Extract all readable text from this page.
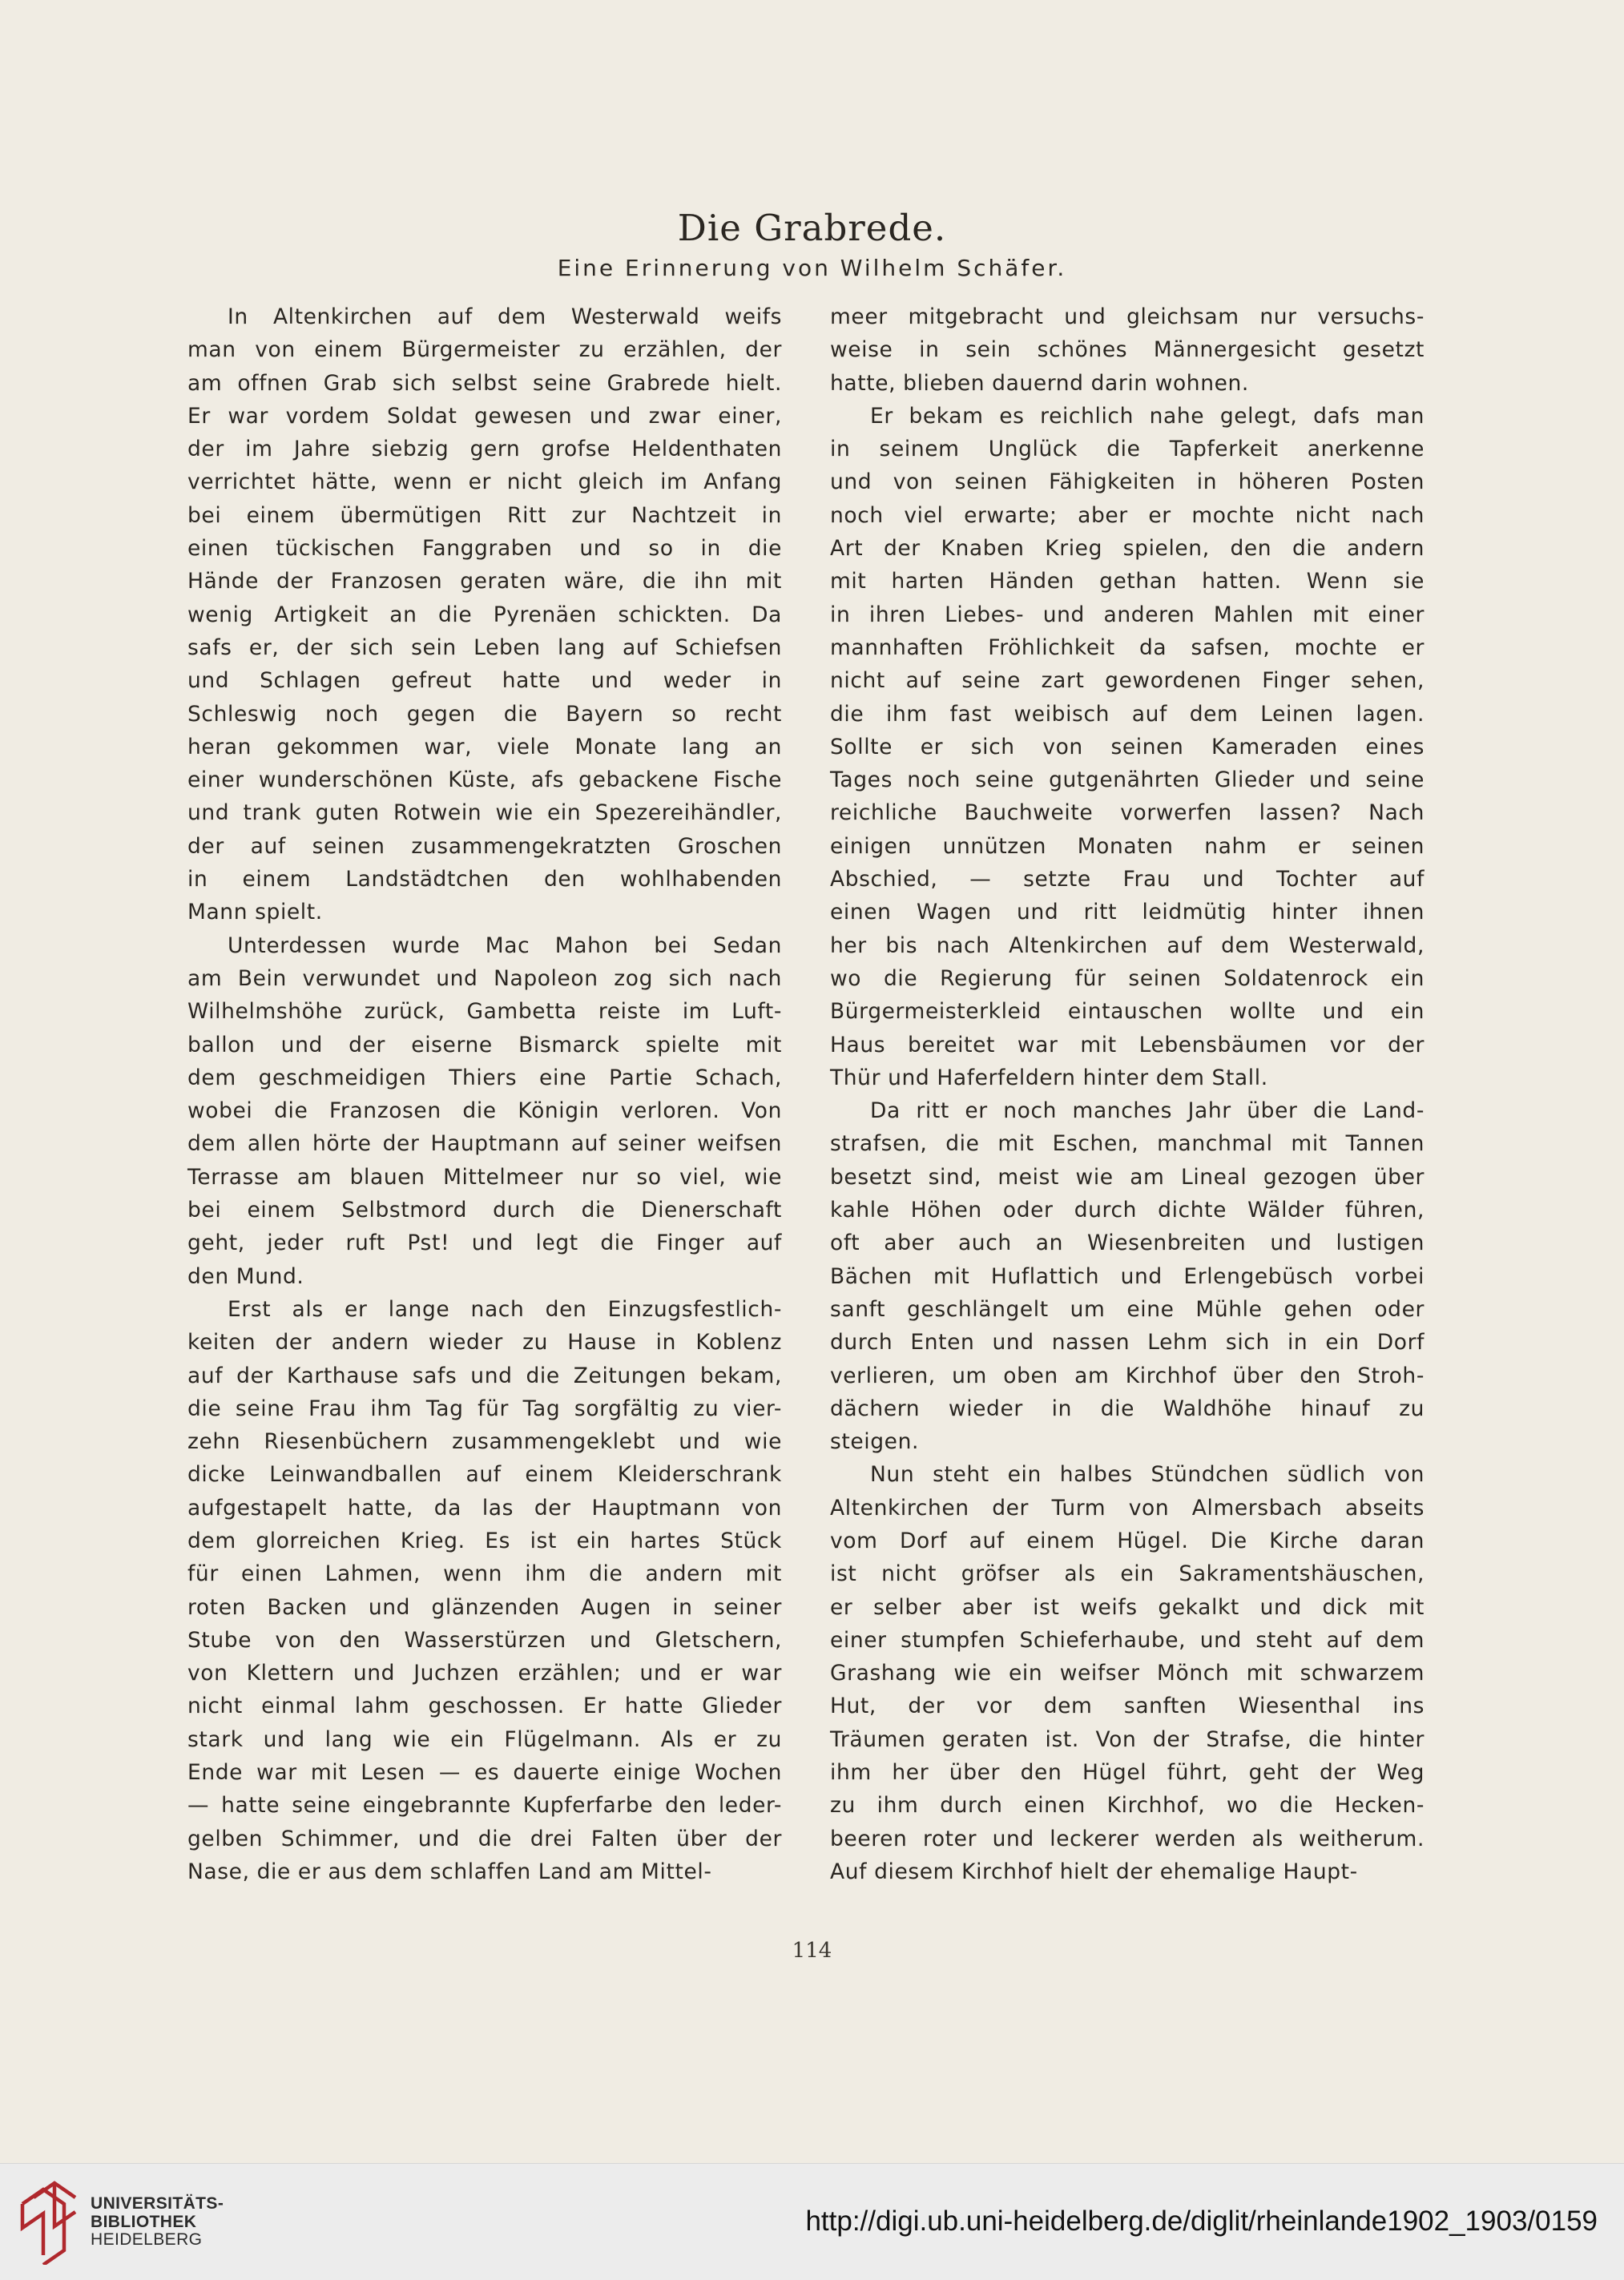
Die Grabrede.
Eine Erinnerung von Wilhelm Schäfer.
In Altenkirchen auf dem Westerwald weifs
man von einem Bürgermeister zu erzählen, der
am offnen Grab sich selbst seine Grabrede hielt.
Er war vordem Soldat gewesen und zwar einer,
der im Jahre siebzig gern grofse Heldenthaten
verrichtet hätte, wenn er nicht gleich im Anfang
bei einem übermütigen Ritt zur Nachtzeit in
einen tückischen Fanggraben und so in die
Hände der Franzosen geraten wäre, die ihn mit
wenig Artigkeit an die Pyrenäen schickten. Da
safs er, der sich sein Leben lang auf Schiefsen
und Schlagen gefreut hatte und weder in
Schleswig noch gegen die Bayern so recht
heran gekommen war, viele Monate lang an
einer wunderschönen Küste, afs gebackene Fische
und trank guten Rotwein wie ein Spezereihändler,
der auf seinen zusammengekratzten Groschen
in einem Landstädtchen den wohlhabenden
Mann spielt.
Unterdessen wurde Mac Mahon bei Sedan
am Bein verwundet und Napoleon zog sich nach
Wilhelmshöhe zurück, Gambetta reiste im Luft-
ballon und der eiserne Bismarck spielte mit
dem geschmeidigen Thiers eine Partie Schach,
wobei die Franzosen die Königin verloren. Von
dem allen hörte der Hauptmann auf seiner weifsen
Terrasse am blauen Mittelmeer nur so viel, wie
bei einem Selbstmord durch die Dienerschaft
geht, jeder ruft Pst! und legt die Finger auf
den Mund.
Erst als er lange nach den Einzugsfestlich-
keiten der andern wieder zu Hause in Koblenz
auf der Karthause safs und die Zeitungen bekam,
die seine Frau ihm Tag für Tag sorgfältig zu vier-
zehn Riesenbüchern zusammengeklebt und wie
dicke Leinwandballen auf einem Kleiderschrank
aufgestapelt hatte, da las der Hauptmann von
dem glorreichen Krieg. Es ist ein hartes Stück
für einen Lahmen, wenn ihm die andern mit
roten Backen und glänzenden Augen in seiner
Stube von den Wasserstürzen und Gletschern,
von Klettern und Juchzen erzählen; und er war
nicht einmal lahm geschossen. Er hatte Glieder
stark und lang wie ein Flügelmann. Als er zu
Ende war mit Lesen — es dauerte einige Wochen
— hatte seine eingebrannte Kupferfarbe den leder-
gelben Schimmer, und die drei Falten über der
Nase, die er aus dem schlaffen Land am Mittel-
meer mitgebracht und gleichsam nur versuchs-
weise in sein schönes Männergesicht gesetzt
hatte, blieben dauernd darin wohnen.
Er bekam es reichlich nahe gelegt, dafs man
in seinem Unglück die Tapferkeit anerkenne
und von seinen Fähigkeiten in höheren Posten
noch viel erwarte; aber er mochte nicht nach
Art der Knaben Krieg spielen, den die andern
mit harten Händen gethan hatten. Wenn sie
in ihren Liebes- und anderen Mahlen mit einer
mannhaften Fröhlichkeit da safsen, mochte er
nicht auf seine zart gewordenen Finger sehen,
die ihm fast weibisch auf dem Leinen lagen.
Sollte er sich von seinen Kameraden eines
Tages noch seine gutgenährten Glieder und seine
reichliche Bauchweite vorwerfen lassen? Nach
einigen unnützen Monaten nahm er seinen
Abschied, — setzte Frau und Tochter auf
einen Wagen und ritt leidmütig hinter ihnen
her bis nach Altenkirchen auf dem Westerwald,
wo die Regierung für seinen Soldatenrock ein
Bürgermeisterkleid eintauschen wollte und ein
Haus bereitet war mit Lebensbäumen vor der
Thür und Haferfeldern hinter dem Stall.
Da ritt er noch manches Jahr über die Land-
strafsen, die mit Eschen, manchmal mit Tannen
besetzt sind, meist wie am Lineal gezogen über
kahle Höhen oder durch dichte Wälder führen,
oft aber auch an Wiesenbreiten und lustigen
Bächen mit Huflattich und Erlengebüsch vorbei
sanft geschlängelt um eine Mühle gehen oder
durch Enten und nassen Lehm sich in ein Dorf
verlieren, um oben am Kirchhof über den Stroh-
dächern wieder in die Waldhöhe hinauf zu
steigen.
Nun steht ein halbes Stündchen südlich von
Altenkirchen der Turm von Almersbach abseits
vom Dorf auf einem Hügel. Die Kirche daran
ist nicht gröfser als ein Sakramentshäuschen,
er selber aber ist weifs gekalkt und dick mit
einer stumpfen Schieferhaube, und steht auf dem
Grashang wie ein weifser Mönch mit schwarzem
Hut, der vor dem sanften Wiesenthal ins
Träumen geraten ist. Von der Strafse, die hinter
ihm her über den Hügel führt, geht der Weg
zu ihm durch einen Kirchhof, wo die Hecken-
beeren roter und leckerer werden als weitherum.
Auf diesem Kirchhof hielt der ehemalige Haupt-
114
UNIVERSITÄTS-
BIBLIOTHEK
HEIDELBERG
http://digi.ub.uni-heidelberg.de/diglit/rheinlande1902_1903/0159
